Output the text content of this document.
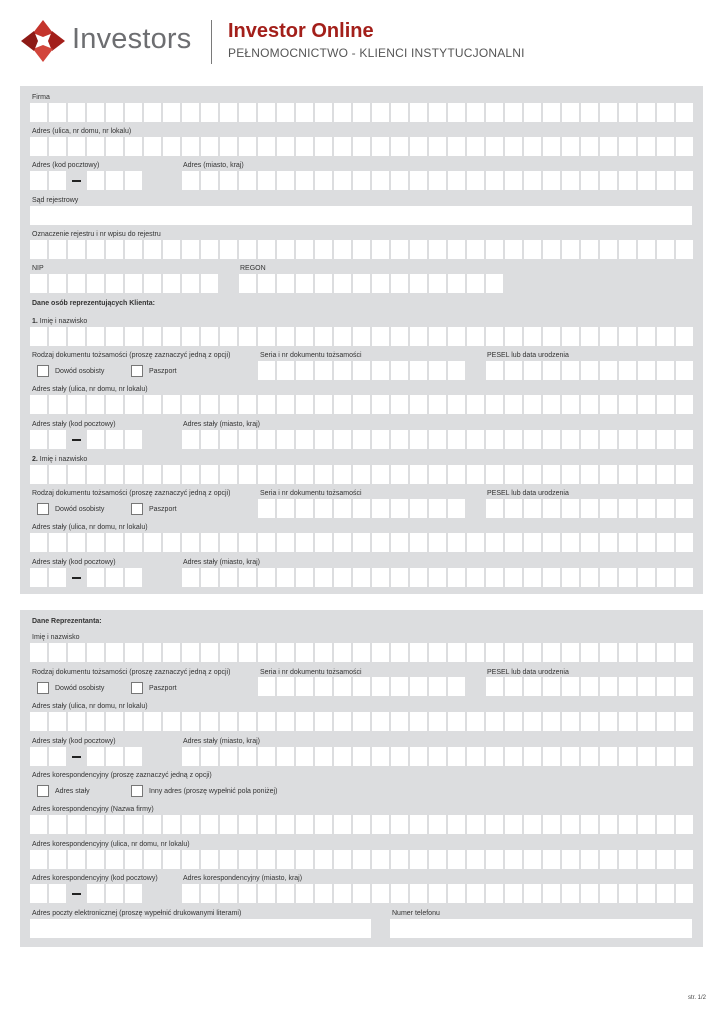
Investors Investor Online
PEŁNOMOCNICTWO - KLIENCI INSTYTUCJONALNI
Firma
Adres (ulica, nr domu, nr lokalu)
Adres (kod pocztowy)	Adres (miasto, kraj)
Sąd rejestrowy
Oznaczenie rejestru i nr wpisu do rejestru
NIP	REGON
Dane osób reprezentujących Klienta:
1. Imię i nazwisko
Rodzaj dokumentu tożsamości (proszę zaznaczyć jedną z opcji)	Seria i nr dokumentu tożsamości	PESEL lub data urodzenia
Dowód osobisty	Paszport
Adres stały (ulica, nr domu, nr lokalu)
Adres stały (kod pocztowy)	Adres stały (miasto, kraj)
2. Imię i nazwisko
Rodzaj dokumentu tożsamości (proszę zaznaczyć jedną z opcji)	Seria i nr dokumentu tożsamości	PESEL lub data urodzenia
Dowód osobisty	Paszport
Adres stały (ulica, nr domu, nr lokalu)
Adres stały (kod pocztowy)	Adres stały (miasto, kraj)
Dane Reprezentanta:
Imię i nazwisko
Rodzaj dokumentu tożsamości (proszę zaznaczyć jedną z opcji)	Seria i nr dokumentu tożsamości	PESEL lub data urodzenia
Dowód osobisty	Paszport
Adres stały (ulica, nr domu, nr lokalu)
Adres stały (kod pocztowy)	Adres stały (miasto, kraj)
Adres korespondencyjny (proszę zaznaczyć jedną z opcji)
Adres stały	Inny adres (proszę wypełnić pola poniżej)
Adres korespondencyjny (Nazwa firmy)
Adres korespondencyjny (ulica, nr domu, nr lokalu)
Adres korespondencyjny (kod pocztowy)	Adres korespondencyjny (miasto, kraj)
Adres poczty elektronicznej (proszę wypełnić drukowanymi literami)	Numer telefonu
str. 1/2
